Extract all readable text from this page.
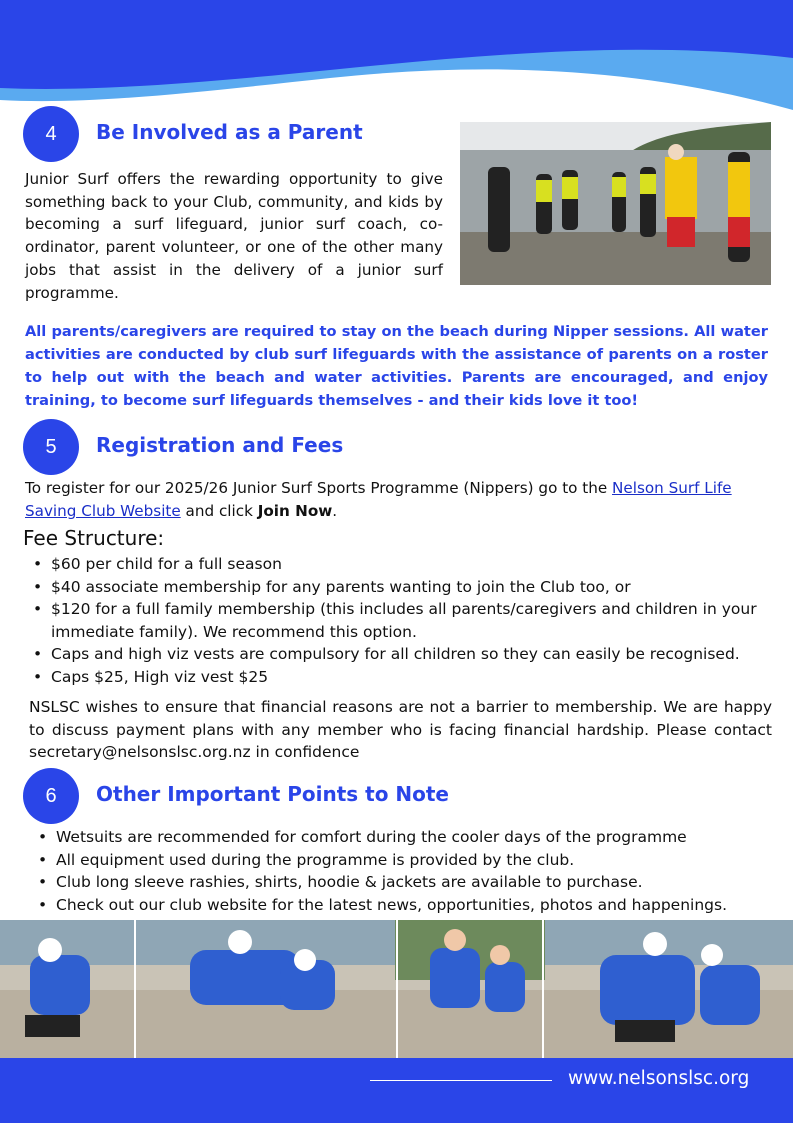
4	Be Involved as a Parent

Junior Surf offers the rewarding opportunity to give something back to your Club, community, and kids by becoming a surf lifeguard, junior surf coach, co-ordinator, parent volunteer, or one of the other many jobs that assist in the delivery of a junior surf programme.

All parents/caregivers are required to stay on the beach during Nipper sessions. All water activities are conducted by club surf lifeguards with the assistance of parents on a roster to help out with the beach and water activities. Parents are encouraged, and enjoy training, to become surf lifeguards themselves - and their kids love it too!

5	Registration and Fees

To register for our 2025/26 Junior Surf Sports Programme (Nippers) go to the Nelson Surf Life Saving Club Website and click Join Now.

Fee Structure:
• $60 per child for a full season
• $40 associate membership for any parents wanting to join the Club too, or
• $120 for a full family membership (this includes all parents/caregivers and children in your immediate family). We recommend this option.
• Caps and high viz vests are compulsory for all children so they can easily be recognised.
• Caps $25, High viz vest $25

NSLSC wishes to ensure that financial reasons are not a barrier to membership. We are happy to discuss payment plans with any member who is facing financial hardship. Please contact secretary@nelsonslsc.org.nz in confidence

6	Other Important Points to Note
• Wetsuits are recommended for comfort during the cooler days of the programme
• All equipment used during the programme is provided by the club.
• Club long sleeve rashies, shirts, hoodie & jackets are available to purchase.
• Check out our club website for the latest news, opportunities, photos and happenings.
www.nelsonslsc.org
